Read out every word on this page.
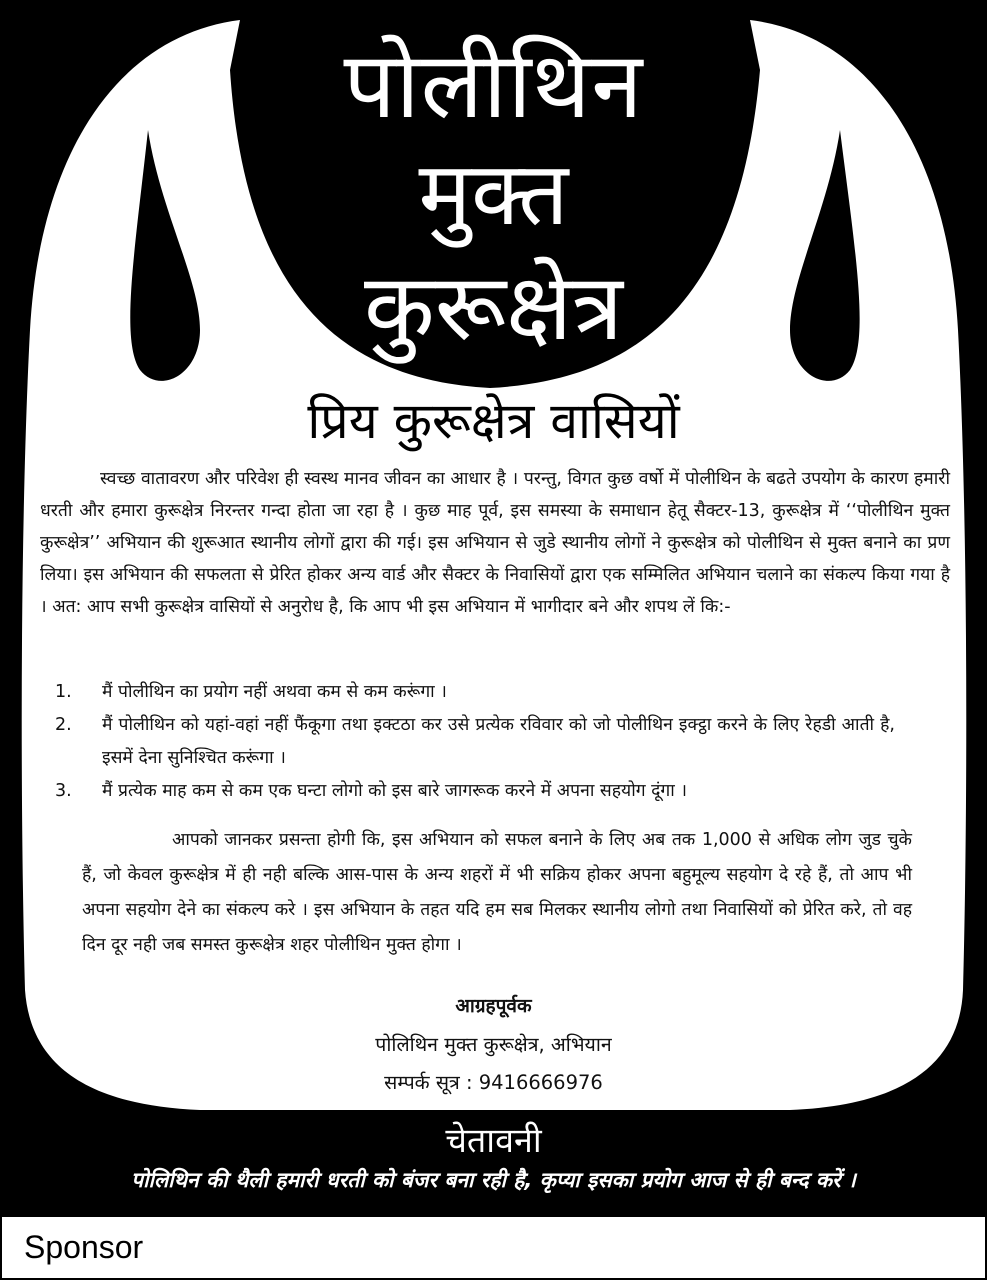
पोलीथिन
मुक्त
कुरूक्षेत्र
प्रिय कुरूक्षेत्र वासियों

स्वच्छ वातावरण और परिवेश ही स्वस्थ मानव जीवन का आधार है । परन्तु, विगत कुछ वर्षो में पोलीथिन के बढते उपयोग के कारण हमारी धरती और हमारा कुरूक्षेत्र निरन्तर गन्दा होता जा रहा है । कुछ माह पूर्व, इस समस्या के समाधान हेतू सैक्टर-13, कुरूक्षेत्र में ‘‘पोलीथिन मुक्त कुरूक्षेत्र’’ अभियान की शुरूआत स्थानीय लोगों द्वारा की गई। इस अभियान से जुडे स्थानीय लोगों ने कुरूक्षेत्र को पोलीथिन से मुक्त बनाने का प्रण लिया। इस अभियान की सफलता से प्रेरित होकर अन्य वार्ड और सैक्टर के निवासियों द्वारा एक सम्मिलित अभियान चलाने का संकल्प किया गया है । अत: आप सभी कुरूक्षेत्र वासियों से अनुरोध है, कि आप भी इस अभियान में भागीदार बने और शपथ लें कि:-

1. मैं पोलीथिन का प्रयोग नहीं अथवा कम से कम करूंगा ।
2. मैं पोलीथिन को यहां-वहां नहीं फैंकूगा तथा इक्टठा कर उसे प्रत्येक रविवार को जो पोलीथिन इक्ट्ठा करने के लिए रेहडी आती है, इसमें देना सुनिश्चित करूंगा ।
3. मैं प्रत्येक माह कम से कम एक घन्टा लोगो को इस बारे जागरूक करने में अपना सहयोग दूंगा ।

आपको जानकर प्रसन्ता होगी कि, इस अभियान को सफल बनाने के लिए अब तक 1,000 से अधिक लोग जुड चुके हैं, जो केवल कुरूक्षेत्र में ही नही बल्कि आस-पास के अन्य शहरों में भी सक्रिय होकर अपना बहुमूल्य सहयोग दे रहे हैं, तो आप भी अपना सहयोग देने का संकल्प करे । इस अभियान के तहत यदि हम सब मिलकर स्थानीय लोगो तथा निवासियों को प्रेरित करे, तो वह दिन दूर नही जब समस्त कुरूक्षेत्र शहर पोलीथिन मुक्त होगा ।

आग्रहपूर्वक
पोलिथिन मुक्त कुरूक्षेत्र, अभियान
सम्पर्क सूत्र : 9416666976
चेतावनी
पोलिथिन की थैली हमारी धरती को बंजर बना रही है, कृप्या इसका प्रयोग आज से ही बन्द करें ।
Sponsor
